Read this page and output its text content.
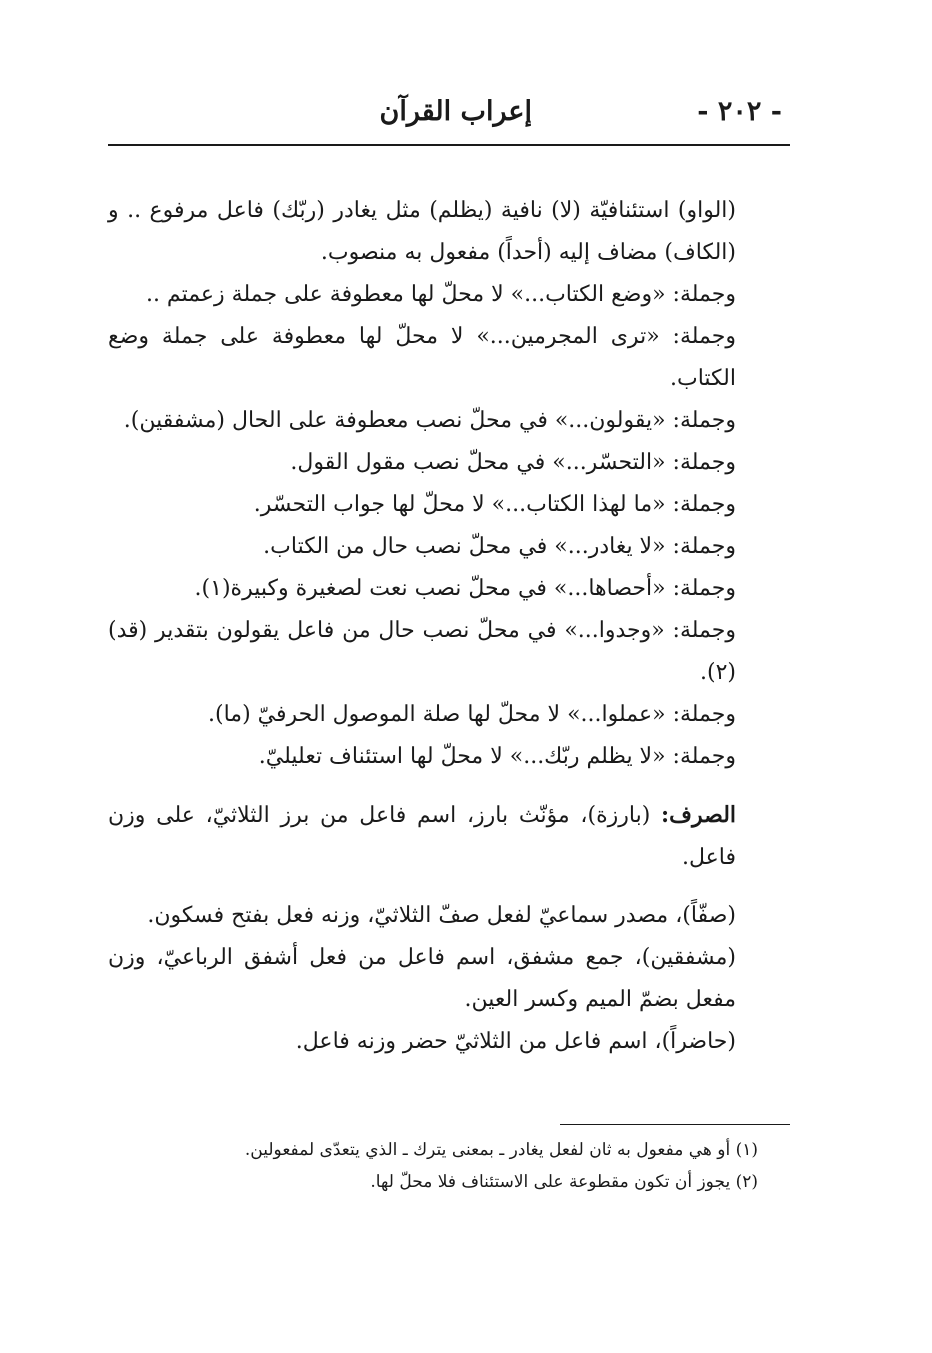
- ٢٠٢ -
إعراب القرآن

(الواو) استئنافيّة (لا) نافية (يظلم) مثل يغادر (ربّك) فاعل مرفوع .. و (الكاف) مضاف إليه (أحداً) مفعول به منصوب.

وجملة: «وضع الكتاب...» لا محلّ لها معطوفة على جملة زعمتم ..

وجملة: «ترى المجرمين...» لا محلّ لها معطوفة على جملة وضع الكتاب.

وجملة: «يقولون...» في محلّ نصب معطوفة على الحال (مشفقين).

وجملة: «التحسّر...» في محلّ نصب مقول القول.

وجملة: «ما لهذا الكتاب...» لا محلّ لها جواب التحسّر.

وجملة: «لا يغادر...» في محلّ نصب حال من الكتاب.

وجملة: «أحصاها...» في محلّ نصب نعت لصغيرة وكبيرة(١).

وجملة: «وجدوا...» في محلّ نصب حال من فاعل يقولون بتقدير (قد)(٢).

وجملة: «عملوا...» لا محلّ لها صلة الموصول الحرفيّ (ما).

وجملة: «لا يظلم ربّك...» لا محلّ لها استئناف تعليليّ.

الصرف: (بارزة)، مؤنّث بارز، اسم فاعل من برز الثلاثيّ، على وزن فاعل.

(صفّاً)، مصدر سماعيّ لفعل صفّ الثلاثيّ، وزنه فعل بفتح فسكون.

(مشفقين)، جمع مشفق، اسم فاعل من فعل أشفق الرباعيّ، وزن مفعل بضمّ الميم وكسر العين.

(حاضراً)، اسم فاعل من الثلاثيّ حضر وزنه فاعل.

(١) أو هي مفعول به ثان لفعل يغادر ـ بمعنى يترك ـ الذي يتعدّى لمفعولين.

(٢) يجوز أن تكون مقطوعة على الاستئناف فلا محلّ لها.
